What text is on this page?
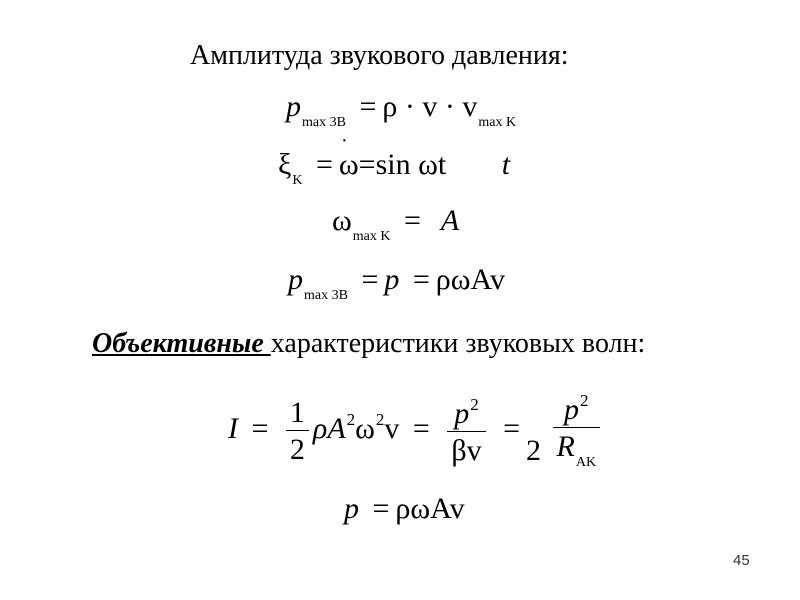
Амплитуда звукового давления:
$p_{max 3B} = \rho \cdot v \cdot v_{max K}$
$\xi_K = \omega=\sin$ ωt t
·
$\omega_{max K} = A$
$p_{max 3B} = p = \rho\omega Av$
Объективные характеристики звуковых волн:
$I = \frac{1}{2} \rho A^2\omega^2v = \frac{p^2}{\beta v} =2 \frac{p^2}{R_{AK}}$
p = ρωAv
45
